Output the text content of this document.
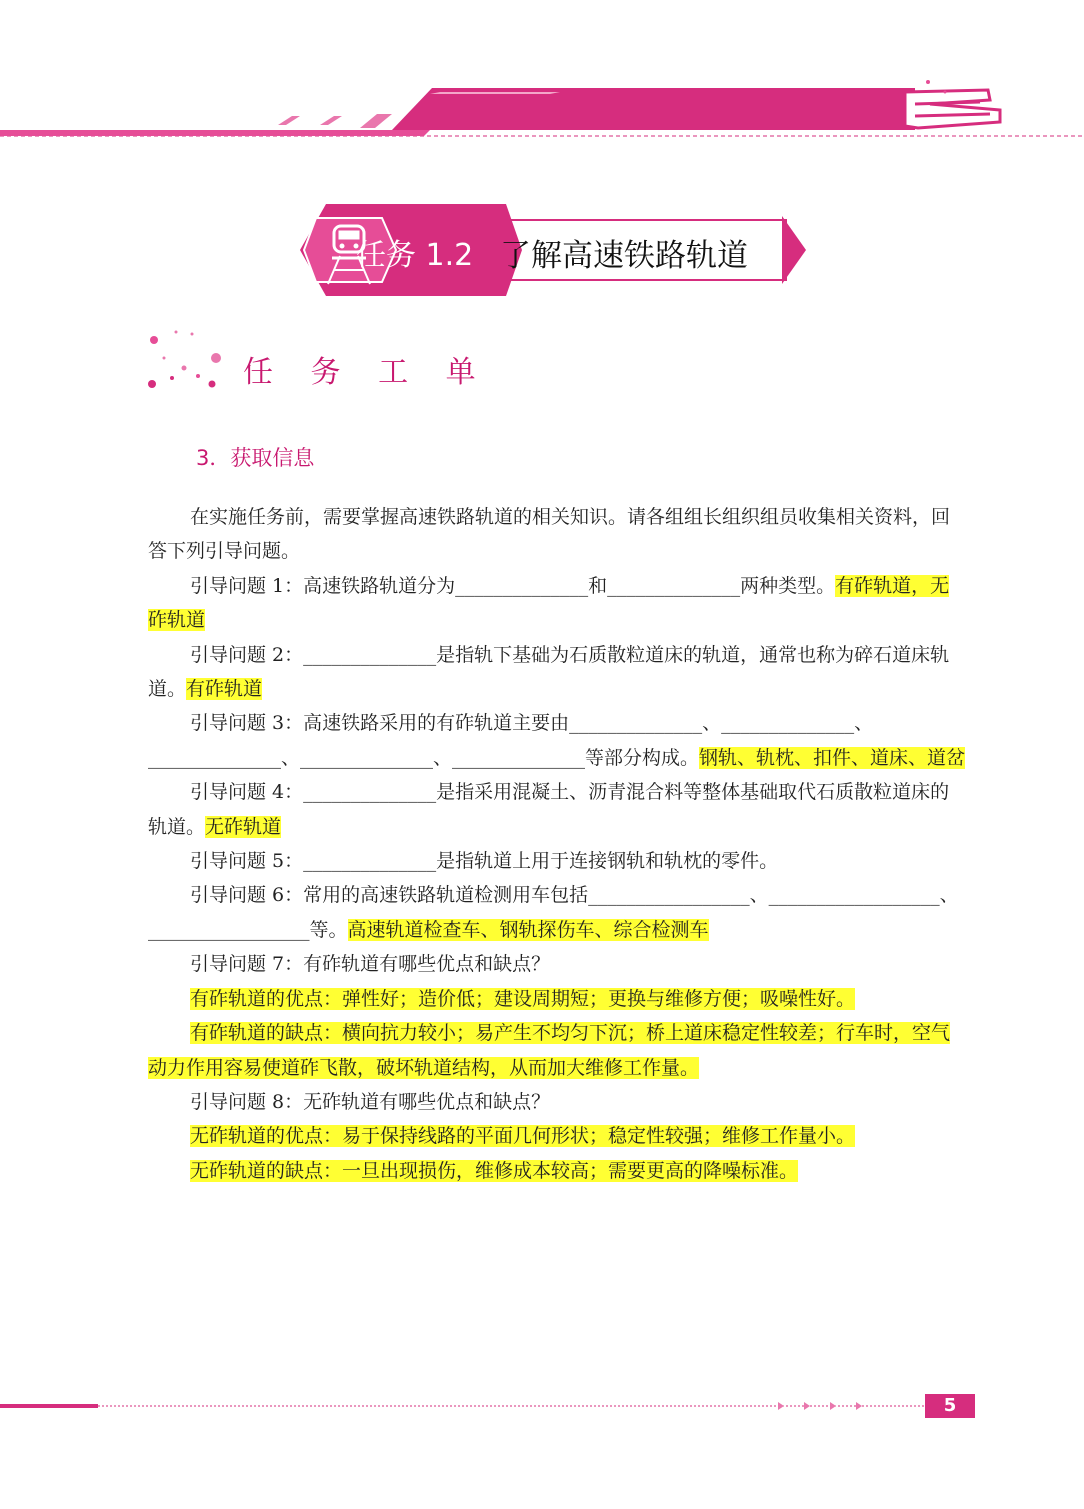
任务 1.2 了解高速铁路轨道
任 务 工 单
3．获取信息

在实施任务前，需要掌握高速铁路轨道的相关知识。请各组组长组织组员收集相关资料，回答下列引导问题。

引导问题 1：高速铁路轨道分为______________和______________两种类型。有砟轨道，无砟轨道

引导问题 2：______________是指轨下基础为石质散粒道床的轨道，通常也称为碎石道床轨道。有砟轨道

引导问题 3：高速铁路采用的有砟轨道主要由______________、______________、______________、______________、______________等部分构成。钢轨、轨枕、扣件、道床、道岔

引导问题 4：______________是指采用混凝土、沥青混合料等整体基础取代石质散粒道床的轨道。无砟轨道

引导问题 5：______________是指轨道上用于连接钢轨和轨枕的零件。

引导问题 6：常用的高速铁路轨道检测用车包括_________________、__________________、_________________等。高速轨道检查车、钢轨探伤车、综合检测车

引导问题 7：有砟轨道有哪些优点和缺点？

有砟轨道的优点：弹性好；造价低；建设周期短；更换与维修方便；吸噪性好。

有砟轨道的缺点：横向抗力较小；易产生不均匀下沉；桥上道床稳定性较差；行车时，空气动力作用容易使道砟飞散，破坏轨道结构，从而加大维修工作量。

引导问题 8：无砟轨道有哪些优点和缺点？

无砟轨道的优点：易于保持线路的平面几何形状；稳定性较强；维修工作量小。

无砟轨道的缺点：一旦出现损伤，维修成本较高；需要更高的降噪标准。

5
